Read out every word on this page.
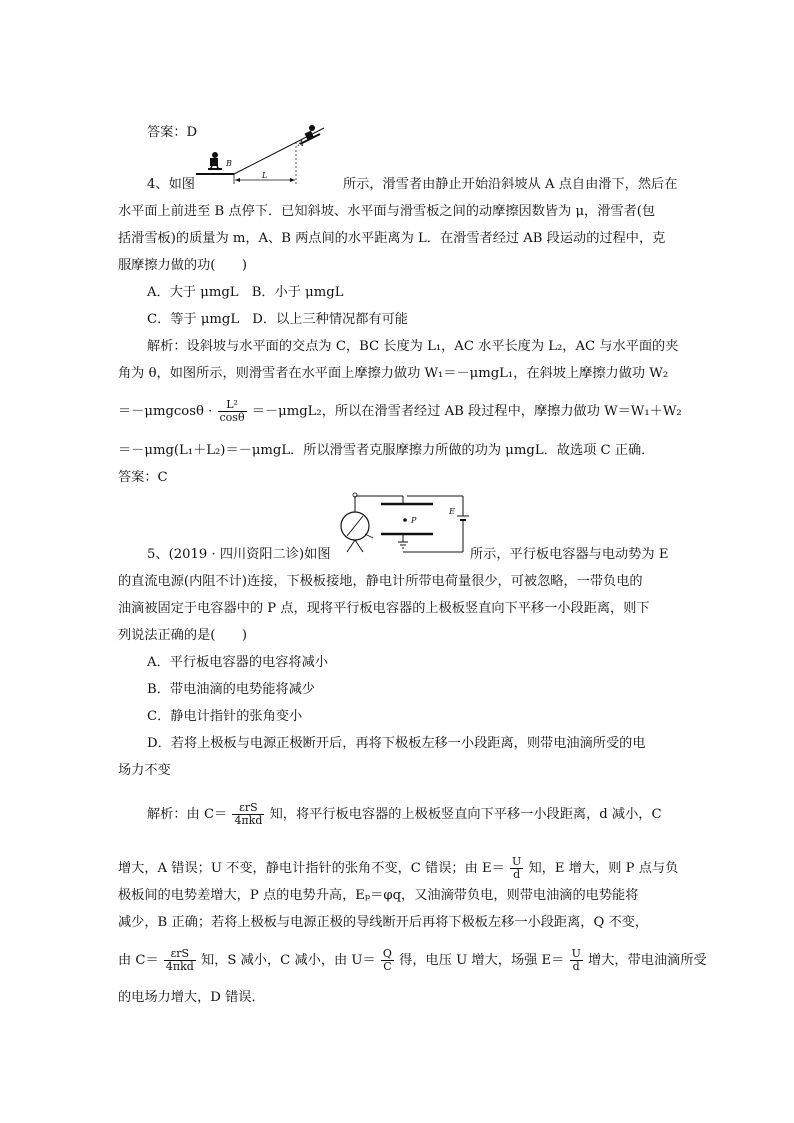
答案：D
4、如图
B
L
A
所示，滑雪者由静止开始沿斜坡从 A 点自由滑下，然后在
水平面上前进至 B 点停下．已知斜坡、水平面与滑雪板之间的动摩擦因数皆为 μ，滑雪者(包
括滑雪板)的质量为 m，A、B 两点间的水平距离为 L．在滑雪者经过 AB 段运动的过程中，克
服摩擦力做的功(　　)
A．大于 μmgL　B．小于 μmgL
C．等于 μmgL　D．以上三种情况都有可能
解析：设斜坡与水平面的交点为 C，BC 长度为 L₁，AC 水平长度为 L₂，AC 与水平面的夹
角为 θ，如图所示，则滑雪者在水平面上摩擦力做功 W₁＝－μmgL₁，在斜坡上摩擦力做功 W₂
$=-\mu mgcos\theta \cdot \frac{\text{L²}}{\cos\theta} =-\mu mgL_2$，所以在滑雪者经过 AB 段过程中，摩擦力做功 W＝W₁＋W₂
＝－μmg(L₁＋L₂)＝－μmgL．所以滑雪者克服摩擦力所做的功为 μmgL．故选项 C 正确．
答案：C
5、(2019 · 四川资阳二诊)如图
P
E
所示，平行板电容器与电动势为 E
的直流电源(内阻不计)连接，下极板接地，静电计所带电荷量很少，可被忽略，一带负电的
油滴被固定于电容器中的 P 点，现将平行板电容器的上极板竖直向下平移一小段距离，则下
列说法正确的是(　　)
A．平行板电容器的电容将减小
B．带电油滴的电势能将减少
C．静电计指针的张角变小
D．若将上极板与电源正极断开后，再将下极板左移一小段距离，则带电油滴所受的电
场力不变
解析：由 $C= \frac{\text{εrS}}{\text{4πkd}}$ 知，将平行板电容器的上极板竖直向下平移一小段距离，d 减小，C
增大，A 错误；U 不变，静电计指针的张角不变，C 错误；由 $E= \frac{U}{d}$ 知，E 增大，则 P 点与负
极板间的电势差增大，P 点的电势升高，Eₚ＝φq，又油滴带负电，则带电油滴的电势能将
减少，B 正确；若将上极板与电源正极的导线断开后再将下极板左移一小段距离，Q 不变，
由 $C= \frac{\text{εrS}}{\text{4πkd}}$ 知，S 减小，C 减小，由 $U= \frac{Q}{C}$ 得，电压 U 增大，场强 $E= \frac{U}{d}$ 增大，带电油滴所受
的电场力增大，D 错误．
